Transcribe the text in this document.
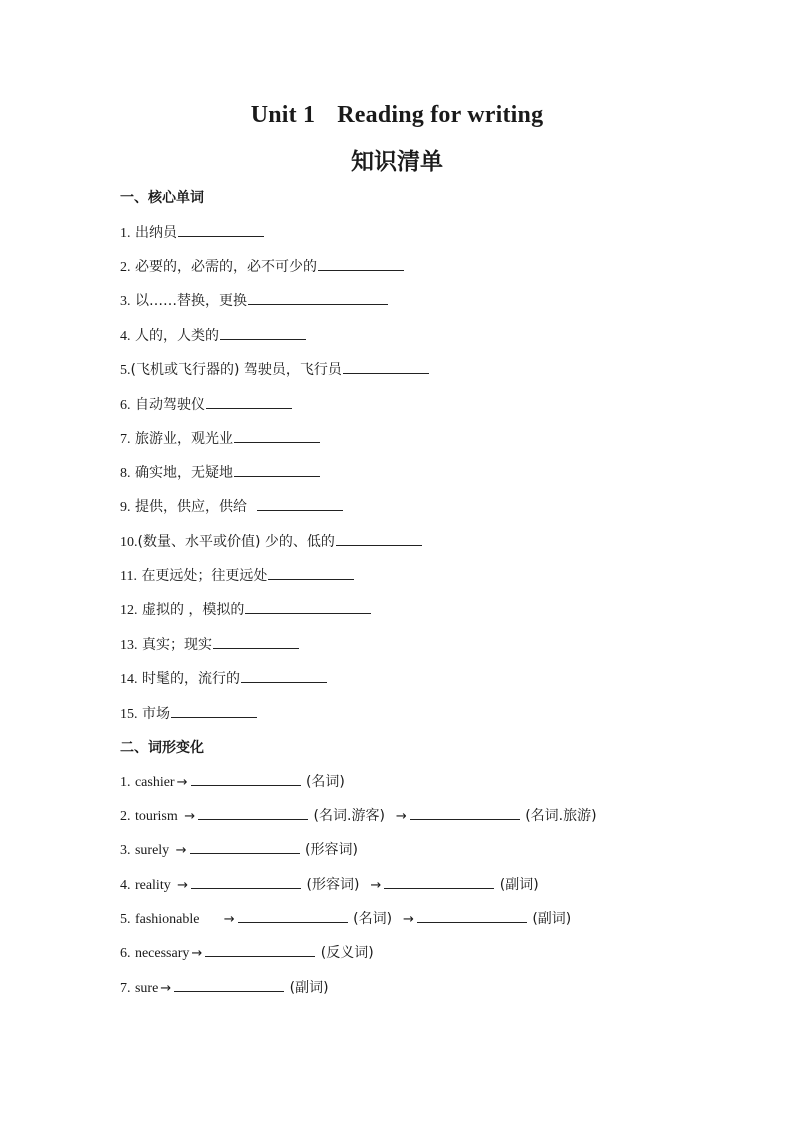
Unit 1 Reading for writing
知识清单
一、核心单词
1. 出纳员
2. 必要的，必需的，必不可少的
3. 以……替换，更换
4. 人的，人类的
5.(飞机或飞行器的) 驾驶员，飞行员
6. 自动驾驶仪
7. 旅游业，观光业
8. 确实地，无疑地
9. 提供，供应，供给
10.(数量、水平或价值) 少的、低的
11. 在更远处；往更远处
12. 虚拟的 ，模拟的
13. 真实；现实
14. 时髦的，流行的
15. 市场
二、词形变化
1. cashier →	(名词)
2. tourism →	(名词.游客) →	(名词.旅游)
3. surely →	(形容词)
4. reality →	(形容词) →	(副词)
5. fashionable →	(名词) →	(副词)
6. necessary →	(反义词)
7. sure →	(副词)
